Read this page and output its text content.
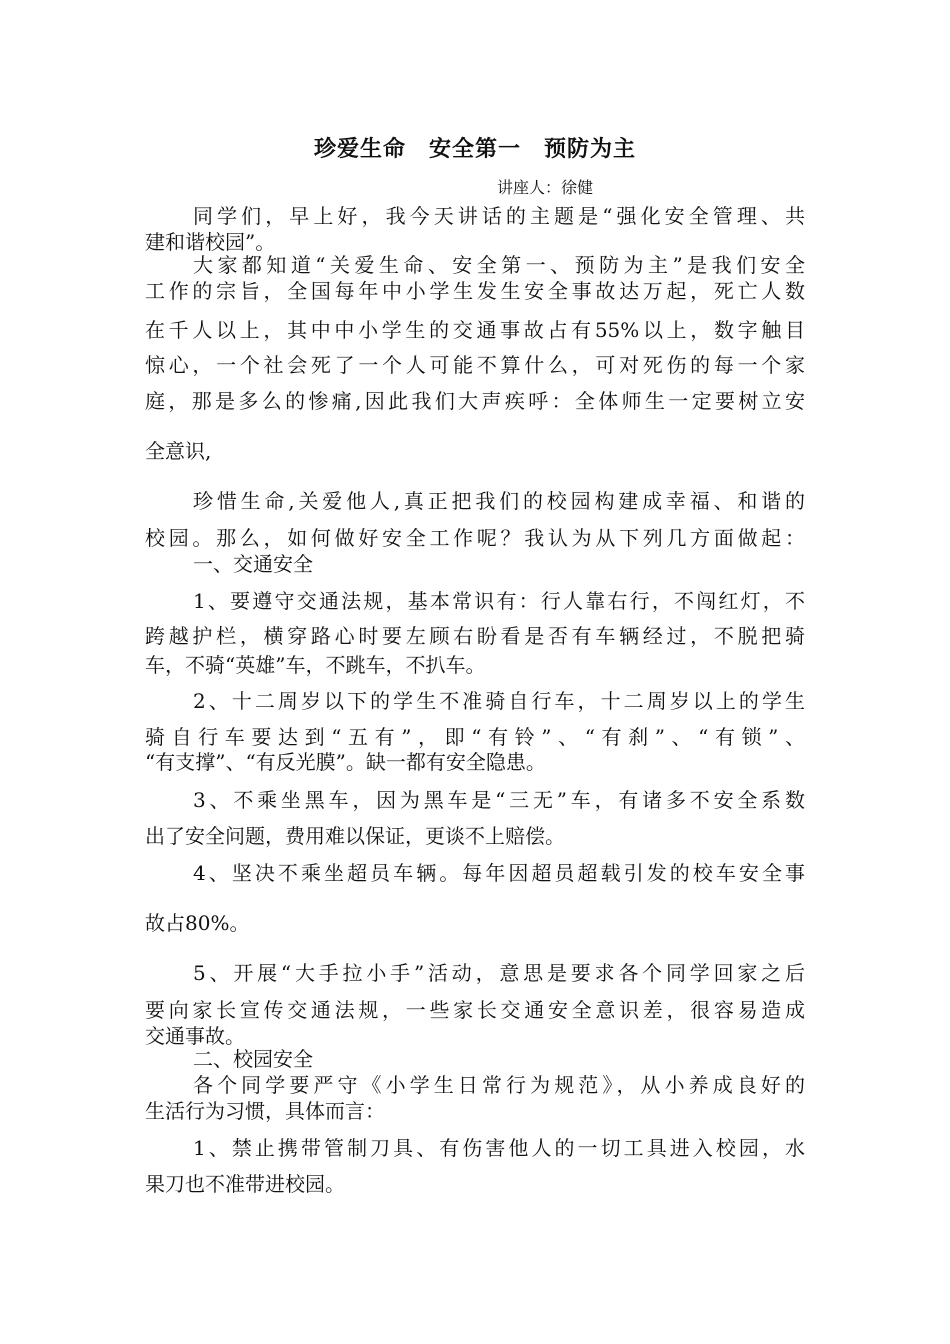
珍爱生命　安全第一　预防为主
讲座人：徐健
同学们，早上好，我今天讲话的主题是“强化安全管理、共
建和谐校园”。
大家都知道“关爱生命、安全第一、预防为主”是我们安全
工作的宗旨，全国每年中小学生发生安全事故达万起，死亡人数
在千人以上，其中中小学生的交通事故占有55%以上，数字触目
惊心，一个社会死了一个人可能不算什么，可对死伤的每一个家
庭，那是多么的惨痛,因此我们大声疾呼：全体师生一定要树立安
全意识,
珍惜生命,关爱他人,真正把我们的校园构建成幸福、和谐的
校园。那么，如何做好安全工作呢？我认为从下列几方面做起：
一、交通安全
1、要遵守交通法规，基本常识有：行人靠右行，不闯红灯，不
跨越护栏，横穿路心时要左顾右盼看是否有车辆经过，不脱把骑
车，不骑“英雄”车，不跳车，不扒车。
2、十二周岁以下的学生不准骑自行车，十二周岁以上的学生
骑自行车要达到“五有”，即“有铃”、“有刹”、“有锁”、
“有支撑”、“有反光膜”。缺一都有安全隐患。
3、不乘坐黑车，因为黑车是“三无”车，有诸多不安全系数
出了安全问题，费用难以保证，更谈不上赔偿。
4、坚决不乘坐超员车辆。每年因超员超载引发的校车安全事
故占80%。
5、开展“大手拉小手”活动，意思是要求各个同学回家之后
要向家长宣传交通法规，一些家长交通安全意识差，很容易造成
交通事故。
二、校园安全
各个同学要严守《小学生日常行为规范》，从小养成良好的
生活行为习惯，具体而言：
1、禁止携带管制刀具、有伤害他人的一切工具进入校园，水
果刀也不准带进校园。
